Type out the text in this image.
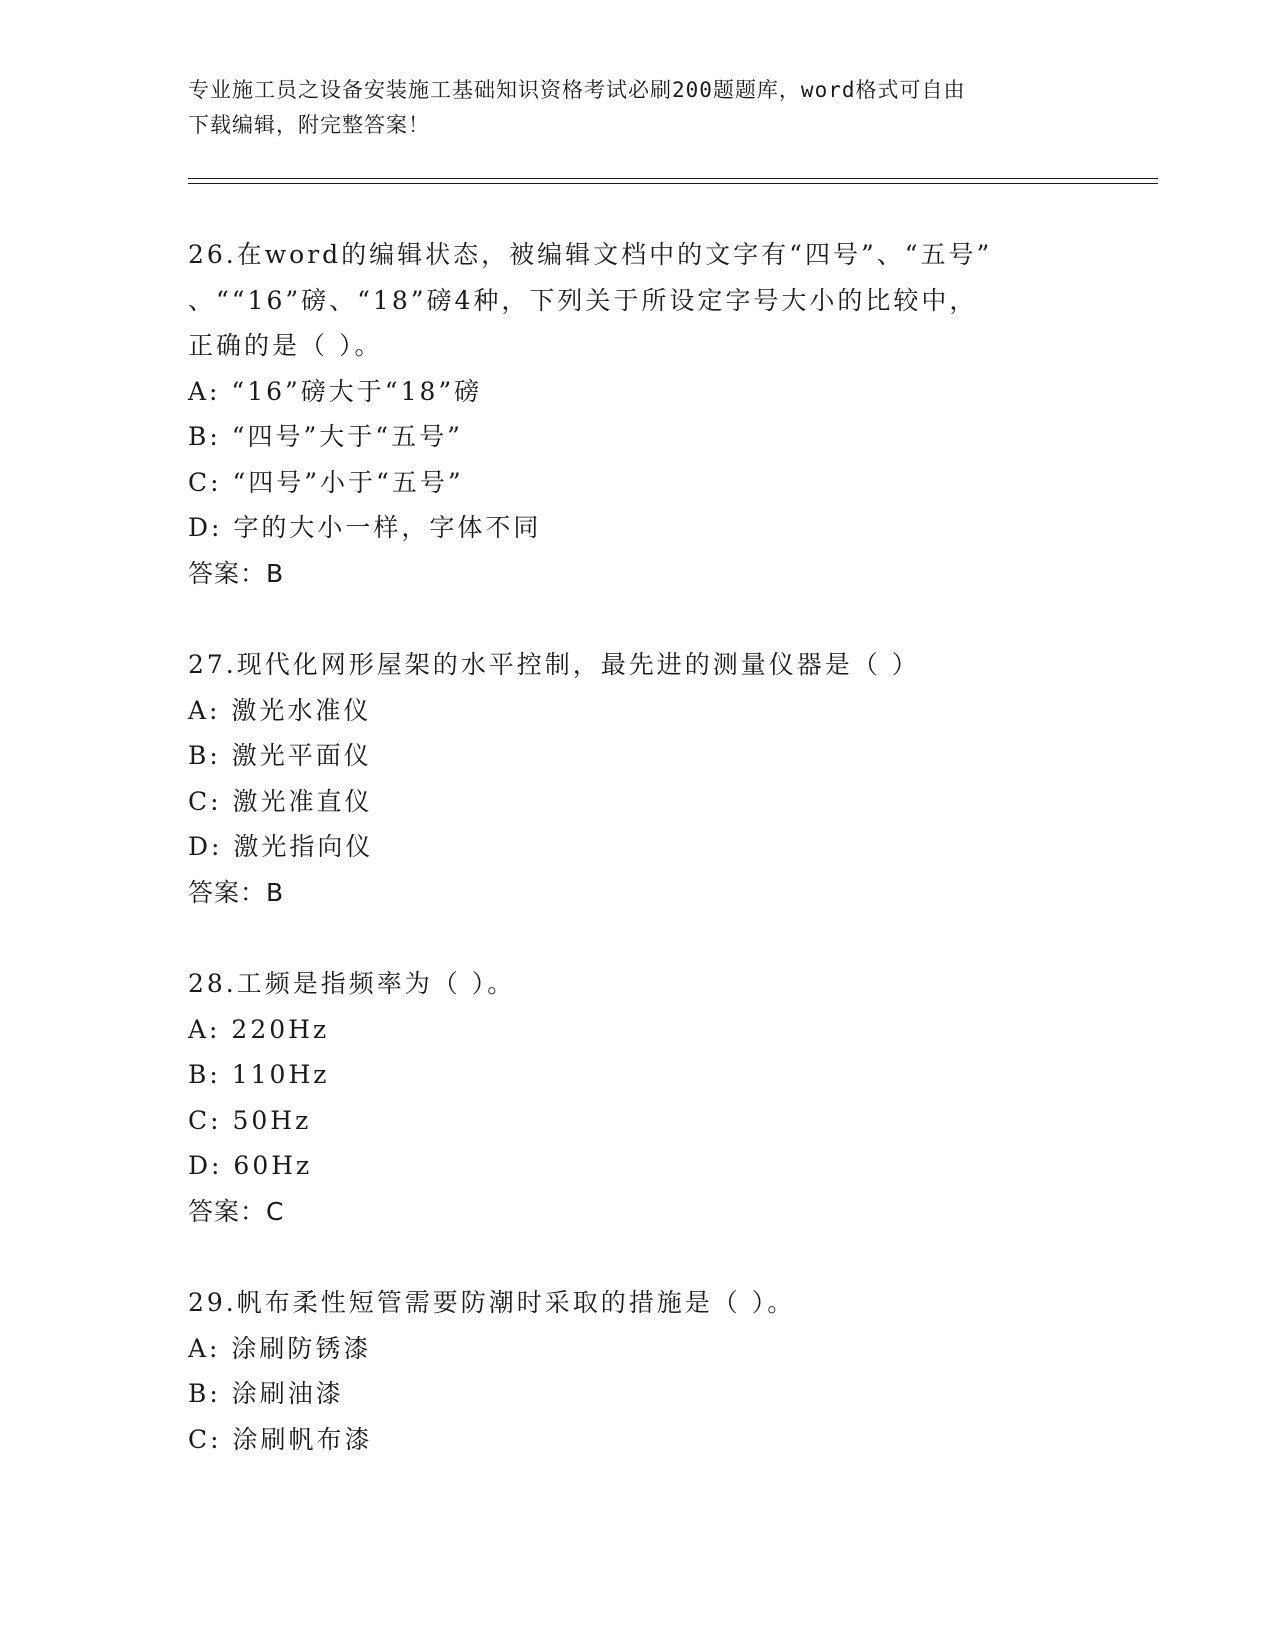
专业施工员之设备安装施工基础知识资格考试必刷200题题库，word格式可自由

下载编辑，附完整答案！

26.在word的编辑状态，被编辑文档中的文字有“四号”、“五号”

、““16”磅、“18”磅4种，下列关于所设定字号大小的比较中，

正确的是（ ）。

A: “16”磅大于“18”磅

B: “四号”大于“五号”

C: “四号”小于“五号”

D: 字的大小一样，字体不同

答案：B

27.现代化网形屋架的水平控制，最先进的测量仪器是（ ）

A: 激光水准仪

B: 激光平面仪

C: 激光准直仪

D: 激光指向仪

答案：B

28.工频是指频率为（ ）。

A: 220Hz

B: 110Hz

C: 50Hz

D: 60Hz

答案：C

29.帆布柔性短管需要防潮时采取的措施是（ ）。

A: 涂刷防锈漆

B: 涂刷油漆

C: 涂刷帆布漆
